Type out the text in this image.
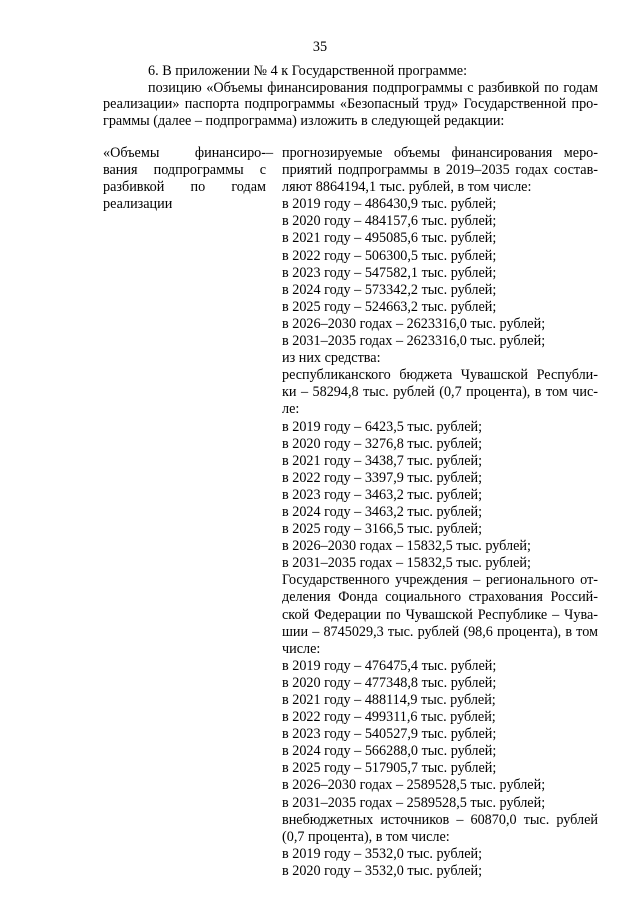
35
6. В приложении № 4 к Государственной программе:
позицию «Объемы финансирования подпрограммы с разбивкой по годам
реализации» паспорта подпрограммы «Безопасный труд» Государственной про-
граммы (далее – подпрограмма) изложить в следующей редакции:
«Объемы финансиро-
вания подпрограммы с
разбивкой по годам
реализации
– прогнозируемые объемы финансирования меро-
приятий подпрограммы в 2019–2035 годах состав-
ляют 8864194,1 тыс. рублей, в том числе:
в 2019 году – 486430,9 тыс. рублей;
в 2020 году – 484157,6 тыс. рублей;
в 2021 году – 495085,6 тыс. рублей;
в 2022 году – 506300,5 тыс. рублей;
в 2023 году – 547582,1 тыс. рублей;
в 2024 году – 573342,2 тыс. рублей;
в 2025 году – 524663,2 тыс. рублей;
в 2026–2030 годах – 2623316,0 тыс. рублей;
в 2031–2035 годах – 2623316,0 тыс. рублей;
из них средства:
республиканского бюджета Чувашской Республи-
ки – 58294,8 тыс. рублей (0,7 процента), в том чис-
ле:
в 2019 году – 6423,5 тыс. рублей;
в 2020 году – 3276,8 тыс. рублей;
в 2021 году – 3438,7 тыс. рублей;
в 2022 году – 3397,9 тыс. рублей;
в 2023 году – 3463,2 тыс. рублей;
в 2024 году – 3463,2 тыс. рублей;
в 2025 году – 3166,5 тыс. рублей;
в 2026–2030 годах – 15832,5 тыс. рублей;
в 2031–2035 годах – 15832,5 тыс. рублей;
Государственного учреждения – регионального от-
деления Фонда социального страхования Россий-
ской Федерации по Чувашской Республике – Чува-
шии – 8745029,3 тыс. рублей (98,6 процента), в том
числе:
в 2019 году – 476475,4 тыс. рублей;
в 2020 году – 477348,8 тыс. рублей;
в 2021 году – 488114,9 тыс. рублей;
в 2022 году – 499311,6 тыс. рублей;
в 2023 году – 540527,9 тыс. рублей;
в 2024 году – 566288,0 тыс. рублей;
в 2025 году – 517905,7 тыс. рублей;
в 2026–2030 годах – 2589528,5 тыс. рублей;
в 2031–2035 годах – 2589528,5 тыс. рублей;
внебюджетных источников – 60870,0 тыс. рублей
(0,7 процента), в том числе:
в 2019 году – 3532,0 тыс. рублей;
в 2020 году – 3532,0 тыс. рублей;
